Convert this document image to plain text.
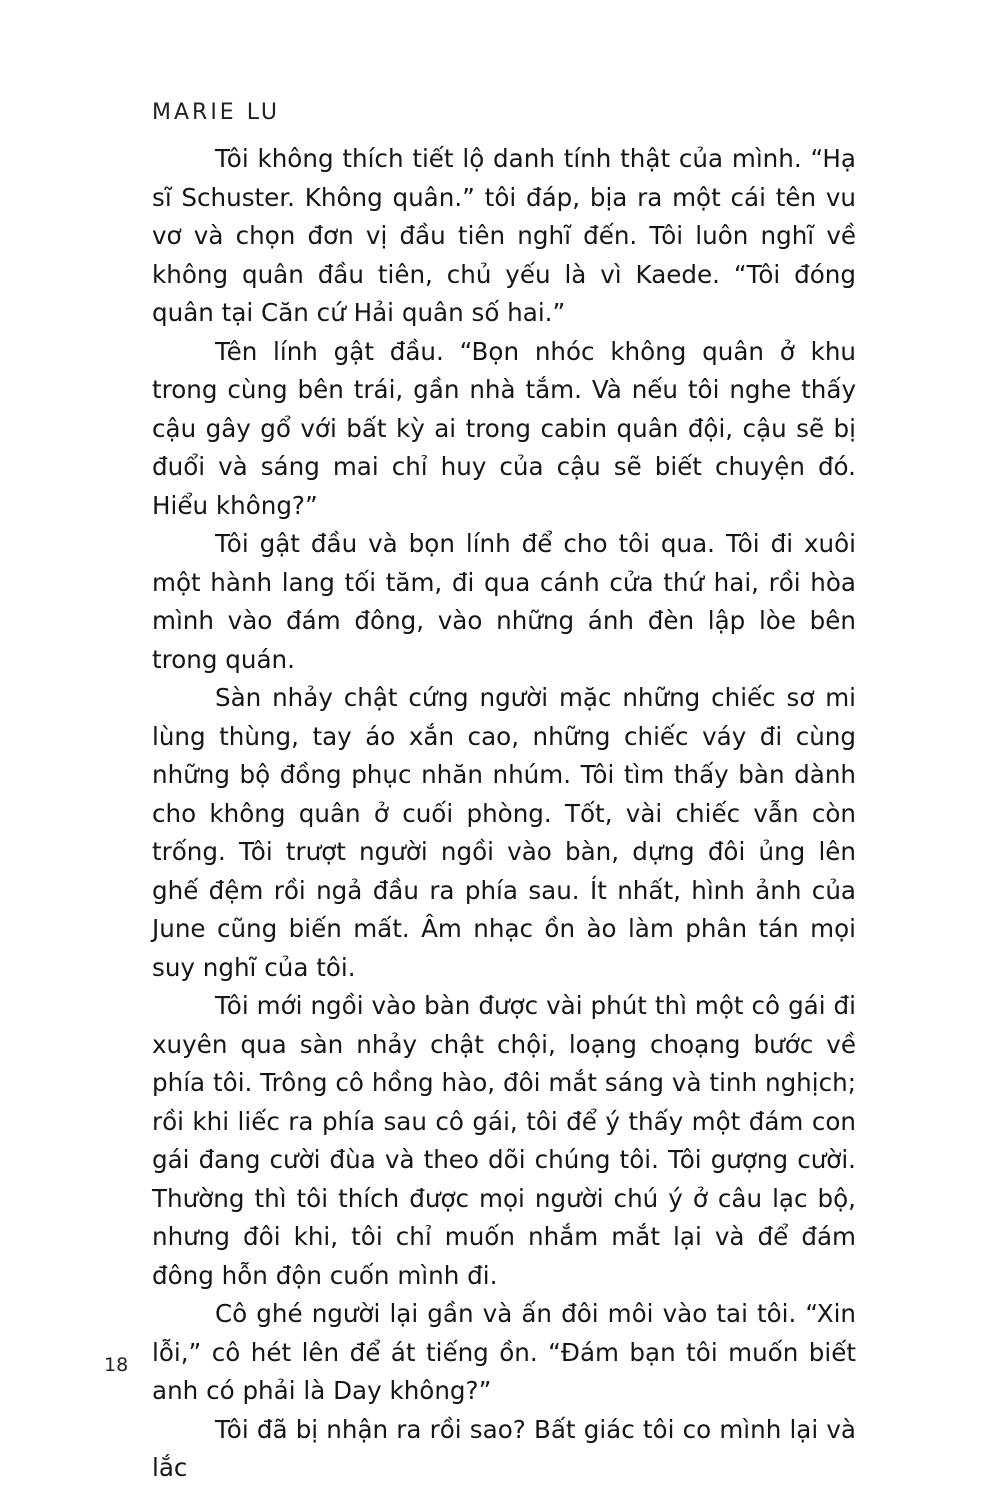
MARIE LU

Tôi không thích tiết lộ danh tính thật của mình. “Hạ sĩ Schuster. Không quân.” tôi đáp, bịa ra một cái tên vu vơ và chọn đơn vị đầu tiên nghĩ đến. Tôi luôn nghĩ về không quân đầu tiên, chủ yếu là vì Kaede. “Tôi đóng quân tại Căn cứ Hải quân số hai.”

Tên lính gật đầu. “Bọn nhóc không quân ở khu trong cùng bên trái, gần nhà tắm. Và nếu tôi nghe thấy cậu gây gổ với bất kỳ ai trong cabin quân đội, cậu sẽ bị đuổi và sáng mai chỉ huy của cậu sẽ biết chuyện đó. Hiểu không?”

Tôi gật đầu và bọn lính để cho tôi qua. Tôi đi xuôi một hành lang tối tăm, đi qua cánh cửa thứ hai, rồi hòa mình vào đám đông, vào những ánh đèn lập lòe bên trong quán.

Sàn nhảy chật cứng người mặc những chiếc sơ mi lùng thùng, tay áo xắn cao, những chiếc váy đi cùng những bộ đồng phục nhăn nhúm. Tôi tìm thấy bàn dành cho không quân ở cuối phòng. Tốt, vài chiếc vẫn còn trống. Tôi trượt người ngồi vào bàn, dựng đôi ủng lên ghế đệm rồi ngả đầu ra phía sau. Ít nhất, hình ảnh của June cũng biến mất. Âm nhạc ồn ào làm phân tán mọi suy nghĩ của tôi.

Tôi mới ngồi vào bàn được vài phút thì một cô gái đi xuyên qua sàn nhảy chật chội, loạng choạng bước về phía tôi. Trông cô hồng hào, đôi mắt sáng và tinh nghịch; rồi khi liếc ra phía sau cô gái, tôi để ý thấy một đám con gái đang cười đùa và theo dõi chúng tôi. Tôi gượng cười. Thường thì tôi thích được mọi người chú ý ở câu lạc bộ, nhưng đôi khi, tôi chỉ muốn nhắm mắt lại và để đám đông hỗn độn cuốn mình đi.

Cô ghé người lại gần và ấn đôi môi vào tai tôi. “Xin lỗi,” cô hét lên để át tiếng ồn. “Đám bạn tôi muốn biết anh có phải là Day không?”

Tôi đã bị nhận ra rồi sao? Bất giác tôi co mình lại và lắc

18
